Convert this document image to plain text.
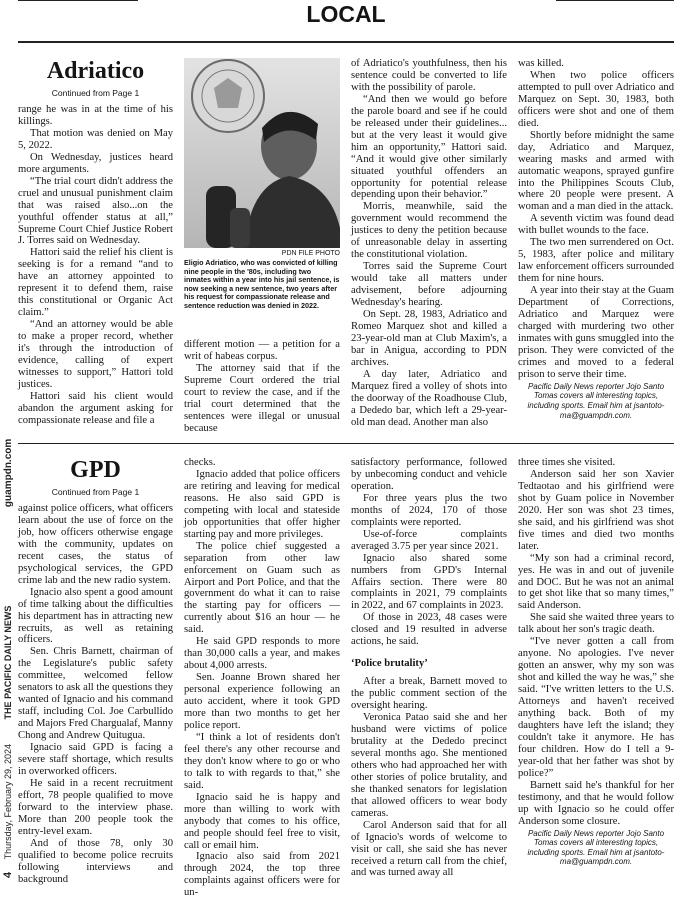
LOCAL
4 Thursday, February 29, 2024 THE PACIFIC DAILY NEWS guampdn.com
Adriatico
Continued from Page 1

range he was in at the time of his killings.

That motion was denied on May 5, 2022.

On Wednesday, justices heard more arguments.

“The trial court didn't address the cruel and unusual punishment claim that was raised also...on the youthful offender status at all,” Supreme Court Chief Justice Robert J. Torres said on Wednesday.

Hattori said the relief his client is seeking is for a remand “and to have an attorney appointed to represent it to defend them, raise this constitutional or Organic Act claim.”

“And an attorney would be able to make a proper record, whether it's through the introduction of evidence, calling of expert witnesses to support,” Hattori told justices.

Hattori said his client would abandon the argument asking for compassionate release and file a

PDN FILE PHOTO
Eligio Adriatico, who was convicted of killing nine people in the '80s, including two inmates within a year into his jail sentence, is now seeking a new sentence, two years after his request for compassionate release and sentence reduction was denied in 2022.

different motion — a petition for a writ of habeas corpus.

The attorney said that if the Supreme Court ordered the trial court to review the case, and if the trial court determined that the sentences were illegal or unusual because

of Adriatico's youthfulness, then his sentence could be converted to life with the possibility of parole.

“And then we would go before the parole board and see if he could be released under their guidelines... but at the very least it would give him an opportunity,” Hattori said. “And it would give other similarly situated youthful offenders an opportunity for potential release depending upon their behavior.”

Morris, meanwhile, said the government would recommend the justices to deny the petition because of unreasonable delay in asserting the constitutional violation.

Torres said the Supreme Court would take all matters under advisement, before adjourning Wednesday's hearing.

On Sept. 28, 1983, Adriatico and Romeo Marquez shot and killed a 23-year-old man at Club Maxim's, a bar in Anigua, according to PDN archives.

A day later, Adriatico and Marquez fired a volley of shots into the doorway of the Roadhouse Club, a Dededo bar, which left a 29-year-old man dead. Another man also

was killed.

When two police officers attempted to pull over Adriatico and Marquez on Sept. 30, 1983, both officers were shot and one of them died.

Shortly before midnight the same day, Adriatico and Marquez, wearing masks and armed with automatic weapons, sprayed gunfire into the Philippines Scouts Club, where 20 people were present. A woman and a man died in the attack.

A seventh victim was found dead with bullet wounds to the face.

The two men surrendered on Oct. 5, 1983, after police and military law enforcement officers surrounded them for nine hours.

A year into their stay at the Guam Department of Corrections, Adriatico and Marquez were charged with murdering two other inmates with guns smuggled into the prison. They were convicted of the crimes and moved to a federal prison to serve their time.

Pacific Daily News reporter Jojo Santo Tomas covers all interesting topics, including sports. Email him at jsantoto-ma@guampdn.com.
GPD
Continued from Page 1

against police officers, what officers learn about the use of force on the job, how officers otherwise engage with the community, updates on recent cases, the status of psychological services, the GPD crime lab and the new radio system.

Ignacio also spent a good amount of time talking about the difficulties his department has in attracting new recruits, as well as retaining officers.

Sen. Chris Barnett, chairman of the Legislature's public safety committee, welcomed fellow senators to ask all the questions they wanted of Ignacio and his command staff, including Col. Joe Carbullido and Majors Fred Chargualaf, Manny Chong and Andrew Quitugua.

Ignacio said GPD is facing a severe staff shortage, which results in overworked officers.

He said in a recent recruitment effort, 78 people qualified to move forward to the interview phase. More than 200 people took the entry-level exam.

And of those 78, only 30 qualified to become police recruits following interviews and background

checks.

Ignacio added that police officers are retiring and leaving for medical reasons. He also said GPD is competing with local and stateside job opportunities that offer higher starting pay and more privileges.

The police chief suggested a separation from other law enforcement on Guam such as Airport and Port Police, and that the government do what it can to raise the starting pay for officers — currently about $16 an hour — he said.

He said GPD responds to more than 30,000 calls a year, and makes about 4,000 arrests.

Sen. Joanne Brown shared her personal experience following an auto accident, where it took GPD more than two months to get her police report.

“I think a lot of residents don't feel there's any other recourse and they don't know where to go or who to talk to with regards to that,” she said.

Ignacio said he is happy and more than willing to work with anybody that comes to his office, and people should feel free to visit, call or email him.

Ignacio also said from 2021 through 2024, the top three complaints against officers were for un-

satisfactory performance, followed by unbecoming conduct and vehicle operation.

For three years plus the two months of 2024, 170 of those complaints were reported.

Use-of-force complaints averaged 3.75 per year since 2021.

Ignacio also shared some numbers from GPD's Internal Affairs section. There were 80 complaints in 2021, 79 complaints in 2022, and 67 complaints in 2023.

Of those in 2023, 48 cases were closed and 19 resulted in adverse actions, he said.

‘Police brutality’

After a break, Barnett moved to the public comment section of the oversight hearing.

Veronica Patao said she and her husband were victims of police brutality at the Dededo precinct several months ago. She mentioned others who had approached her with other stories of police brutality, and she thanked senators for legislation that allowed officers to wear body cameras.

Carol Anderson said that for all of Ignacio's words of welcome to visit or call, she said she has never received a return call from the chief, and was turned away all

three times she visited.

Anderson said her son Xavier Tedtaotao and his girlfriend were shot by Guam police in November 2020. Her son was shot 23 times, she said, and his girlfriend was shot five times and died two months later.

“My son had a criminal record, yes. He was in and out of juvenile and DOC. But he was not an animal to get shot like that so many times,” said Anderson.

She said she waited three years to talk about her son's tragic death.

“I've never gotten a call from anyone. No apologies. I've never gotten an answer, why my son was shot and killed the way he was,” she said. “I've written letters to the U.S. Attorneys and haven't received anything back. Both of my daughters have left the island; they couldn't take it anymore. He has four children. How do I tell a 9-year-old that her father was shot by police?”

Barnett said he's thankful for her testimony, and that he would follow up with Ignacio so he could offer Anderson some closure.

Pacific Daily News reporter Jojo Santo Tomas covers all interesting topics, including sports. Email him at jsantoto-ma@guampdn.com.
